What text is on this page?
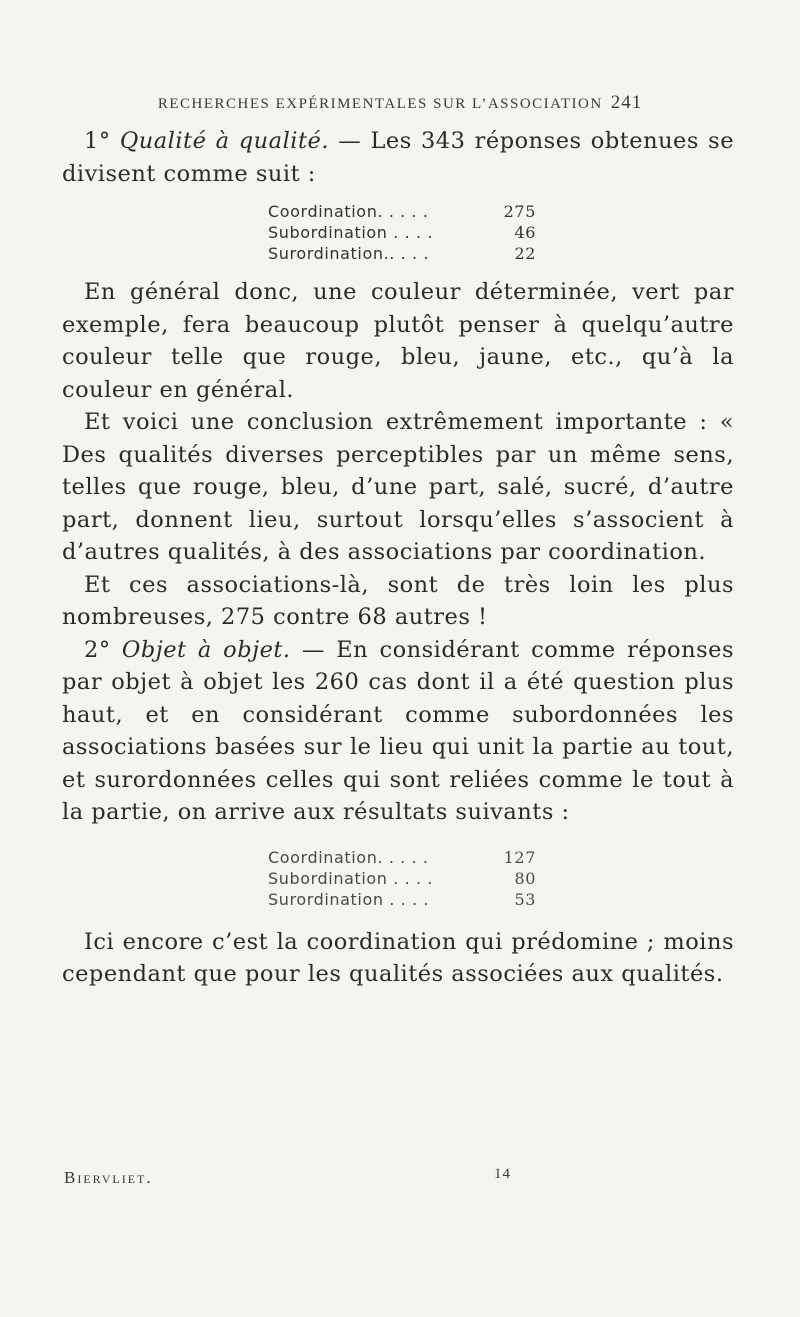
RECHERCHES EXPÉRIMENTALES SUR L’ASSOCIATION 241

1° Qualité à qualité. — Les 343 réponses obtenues se divisent comme suit :

Coordination. . . . .	275
Subordination . . . .	46
Surordination.. . . .	22

En général donc, une couleur déterminée, vert par exemple, fera beaucoup plutôt penser à quelqu’autre couleur telle que rouge, bleu, jaune, etc., qu’à la couleur en général.

Et voici une conclusion extrêmement importante : « Des qualités diverses perceptibles par un même sens, telles que rouge, bleu, d’une part, salé, sucré, d’autre part, donnent lieu, surtout lorsqu’elles s’associent à d’autres qualités, à des associations par coordination.

Et ces associations-là, sont de très loin les plus nombreuses, 275 contre 68 autres !

2° Objet à objet. — En considérant comme réponses par objet à objet les 260 cas dont il a été question plus haut, et en considérant comme subordonnées les associations basées sur le lieu qui unit la partie au tout, et surordonnées celles qui sont reliées comme le tout à la partie, on arrive aux résultats suivants :

Coordination. . . . .	127
Subordination . . . .	80
Surordination . . . .	53

Ici encore c’est la coordination qui prédomine ; moins cependant que pour les qualités associées aux qualités.

Biervliet.	14
